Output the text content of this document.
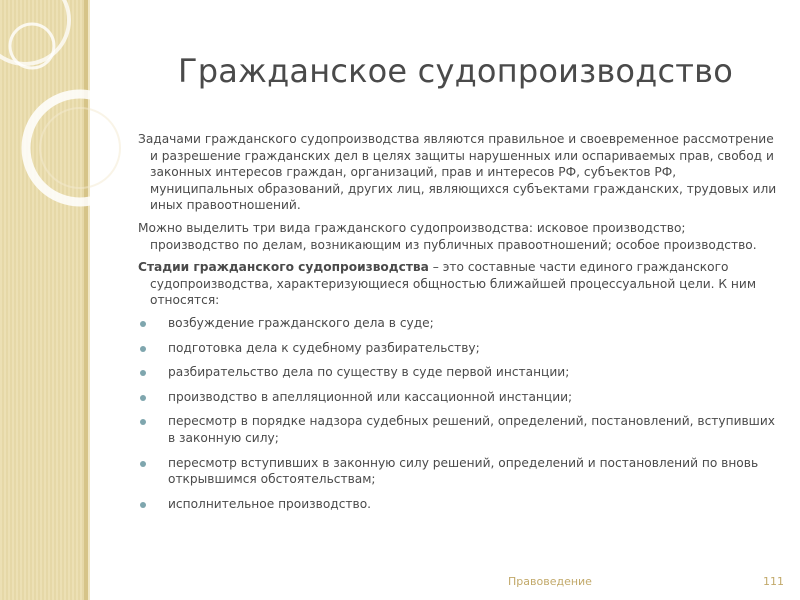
Гражданское судопроизводство

Задачами гражданского судопроизводства являются правильное и своевременное рассмотрение и разрешение гражданских дел в целях защиты нарушенных или оспариваемых прав, свобод и законных интересов граждан, организаций, прав и интересов РФ, субъектов РФ, муниципальных образований, других лиц, являющихся субъектами гражданских, трудовых или иных правоотношений.

Можно выделить три вида гражданского судопроизводства: исковое производство; производство по делам, возникающим из публичных правоотношений; особое производство.

Стадии гражданского судопроизводства – это составные части единого гражданского судопроизводства, характеризующиеся общностью ближайшей процессуальной цели. К ним относятся:

возбуждение гражданского дела в суде;
подготовка дела к судебному разбирательству;
разбирательство дела по существу в суде первой инстанции;
производство в апелляционной или кассационной инстанции;
пересмотр в порядке надзора судебных решений, определений, постановлений, вступивших в законную силу;
пересмотр вступивших в законную силу решений, определений и постановлений по вновь открывшимся обстоятельствам;
исполнительное производство.
Правоведение	111
